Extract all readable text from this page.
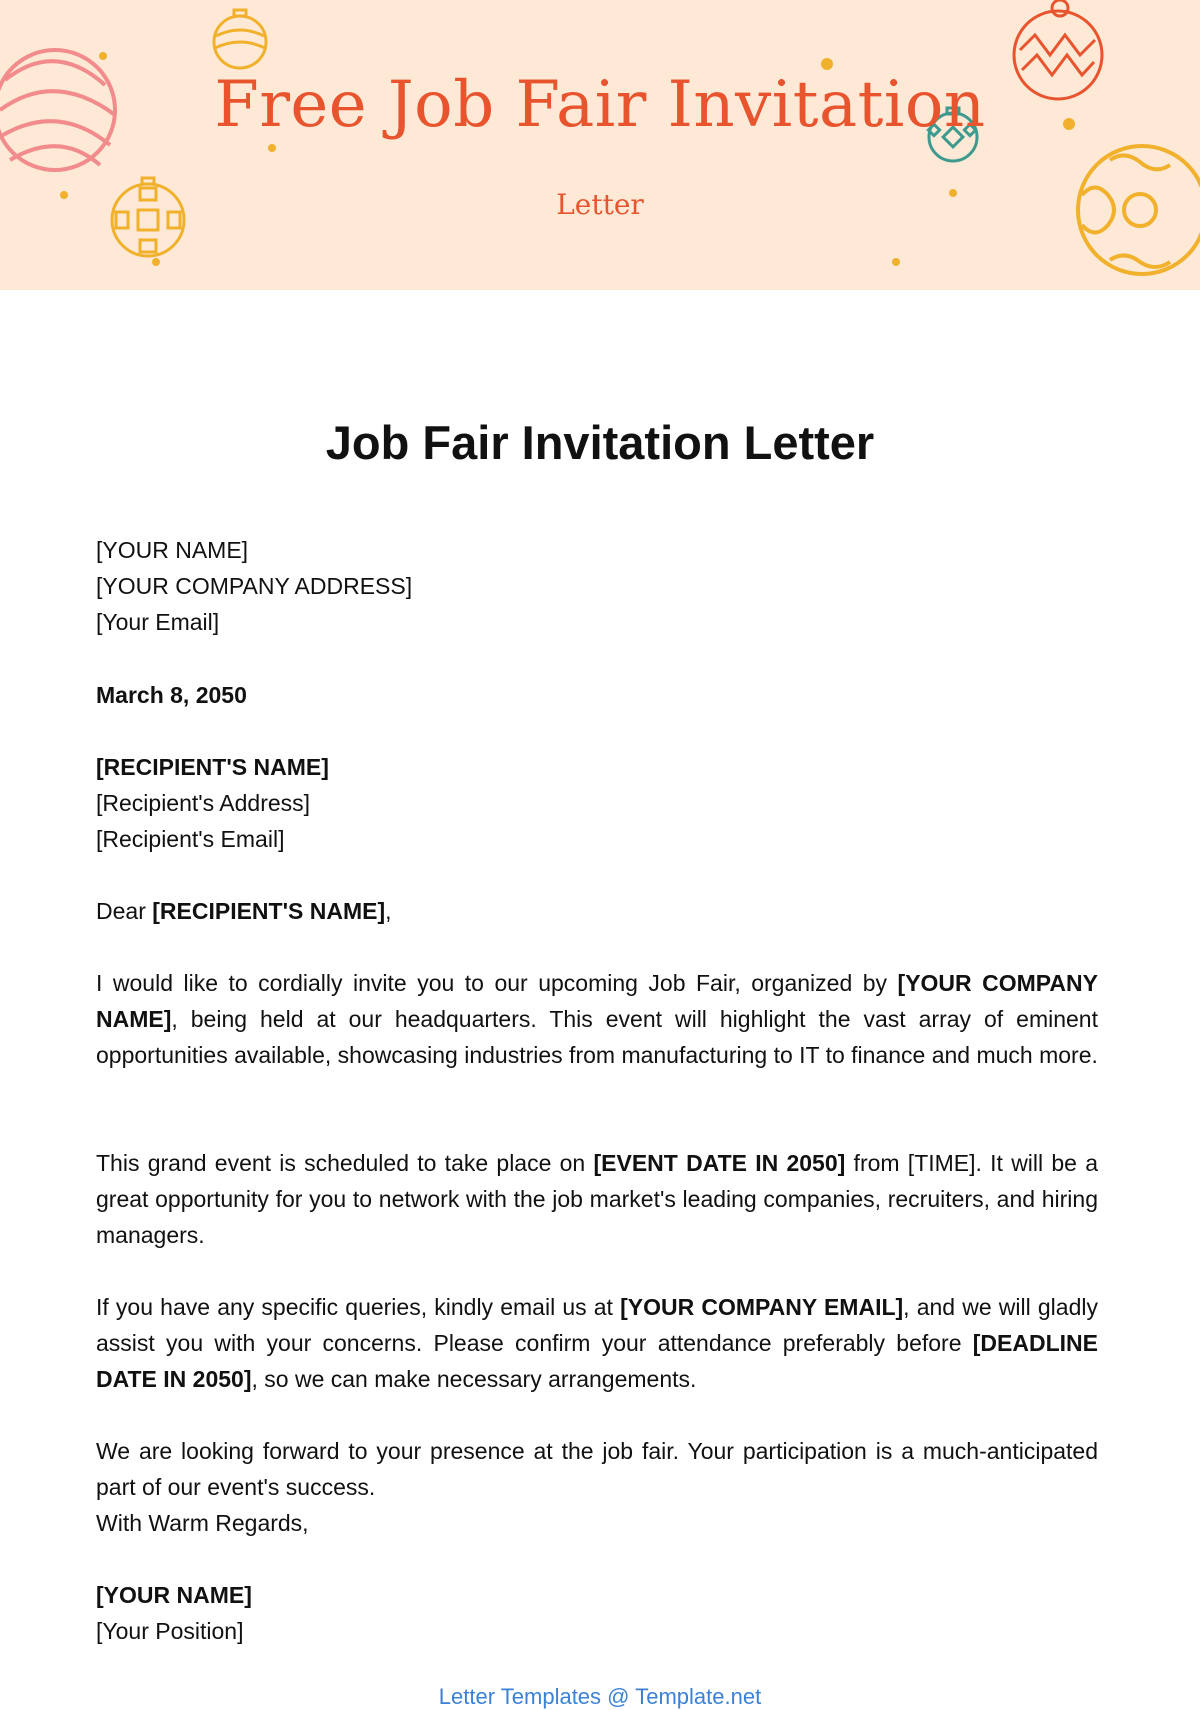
Free Job Fair Invitation
Letter
Job Fair Invitation Letter

[YOUR NAME]

[YOUR COMPANY ADDRESS]

[Your Email]

March 8, 2050

[RECIPIENT'S NAME]

[Recipient's Address]

[Recipient's Email]

Dear [RECIPIENT'S NAME],

I would like to cordially invite you to our upcoming Job Fair, organized by [YOUR COMPANY NAME], being held at our headquarters. This event will highlight the vast array of eminent opportunities available, showcasing industries from manufacturing to IT to finance and much more.

This grand event is scheduled to take place on [EVENT DATE IN 2050] from [TIME]. It will be a great opportunity for you to network with the job market's leading companies, recruiters, and hiring managers.

If you have any specific queries, kindly email us at [YOUR COMPANY EMAIL], and we will gladly assist you with your concerns. Please confirm your attendance preferably before [DEADLINE DATE IN 2050], so we can make necessary arrangements.

We are looking forward to your presence at the job fair. Your participation is a much-anticipated part of our event's success.

With Warm Regards,

[YOUR NAME]

[Your Position]

Letter Templates @ Template.net
